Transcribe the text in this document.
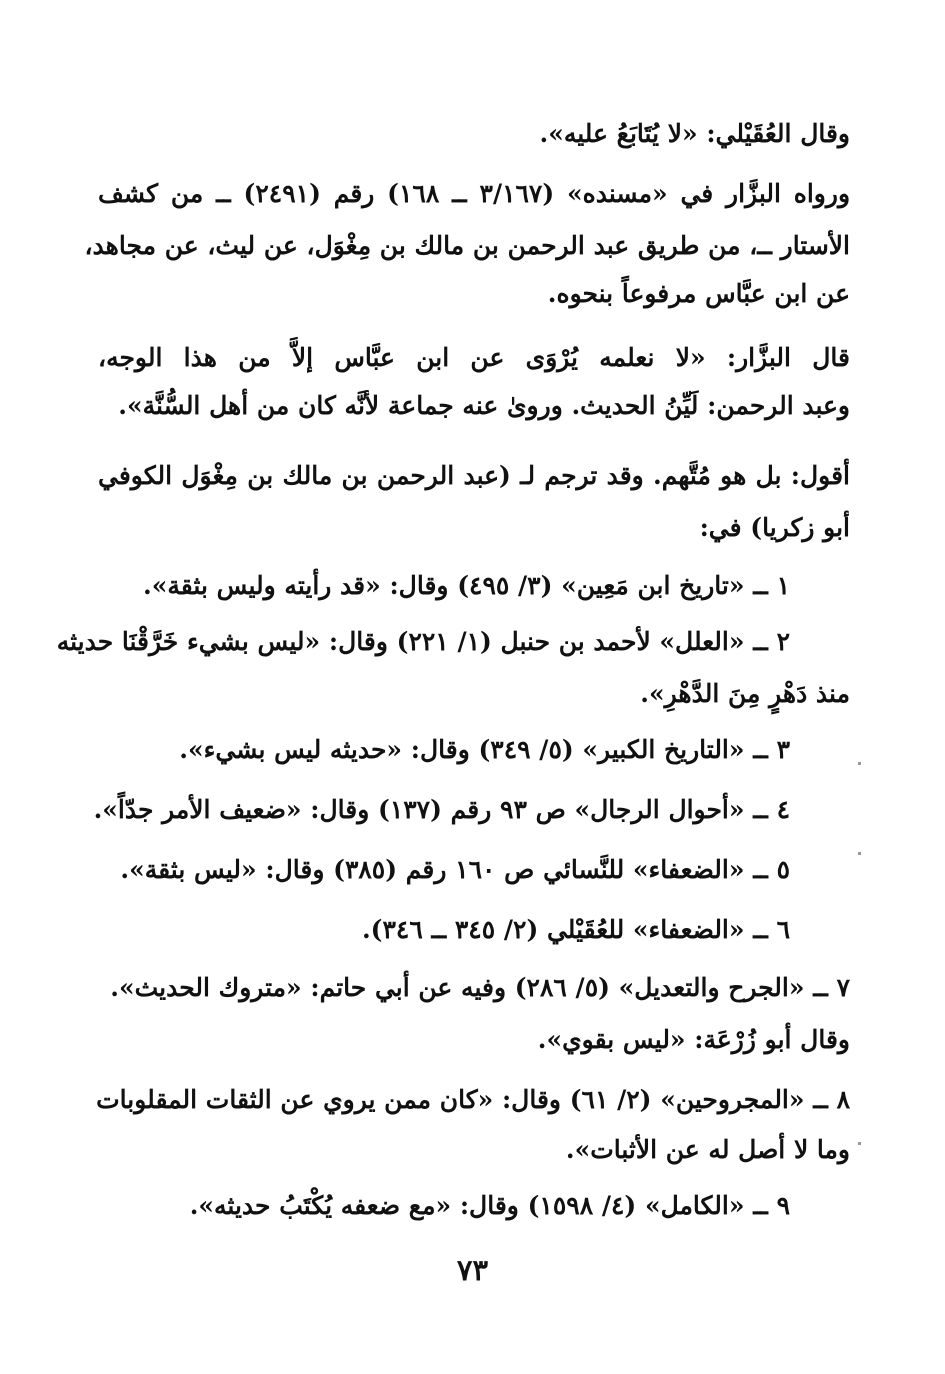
وقال العُقَيْلي: «لا يُتَابَعُ عليه».
ورواه البزَّار في «مسنده» (٣/١٦٧ ــ ١٦٨) رقم (٢٤٩١) ــ من كشف
الأستار ــ، من طريق عبد الرحمن بن مالك بن مِغْوَل، عن ليث، عن مجاهد،
عن ابن عبَّاس مرفوعاً بنحوه.
قال البزَّار: «لا نعلمه يُرْوَى عن ابن عبَّاس إلاَّ من هذا الوجه،
وعبد الرحمن: لَيِّنُ الحديث. وروىٰ عنه جماعة لأنَّه كان من أهل السُّنَّة».
أقول: بل هو مُتَّهم. وقد ترجم لـ (عبد الرحمن بن مالك بن مِغْوَل الكوفي
أبو زكريا) في:
١ ــ «تاريخ ابن مَعِين» (٣/ ٤٩٥) وقال: «قد رأيته وليس بثقة».
٢ ــ «العلل» لأحمد بن حنبل (١/ ٢٢١) وقال: «ليس بشيء خَرَّقْنَا حديثه
منذ دَهْرٍ مِنَ الدَّهْرِ».
٣ ــ «التاريخ الكبير» (٥/ ٣٤٩) وقال: «حديثه ليس بشيء».
٤ ــ «أحوال الرجال» ص ٩٣ رقم (١٣٧) وقال: «ضعيف الأمر جدّاً».
٥ ــ «الضعفاء» للنَّسائي ص ١٦٠ رقم (٣٨٥) وقال: «ليس بثقة».
٦ ــ «الضعفاء» للعُقَيْلي (٢/ ٣٤٥ ــ ٣٤٦).
٧ ــ «الجرح والتعديل» (٥/ ٢٨٦) وفيه عن أبي حاتم: «متروك الحديث».
وقال أبو زُرْعَة: «ليس بقوي».
٨ ــ «المجروحين» (٢/ ٦١) وقال: «كان ممن يروي عن الثقات المقلوبات
وما لا أصل له عن الأثبات».
٩ ــ «الكامل» (٤/ ١٥٩٨) وقال: «مع ضعفه يُكْتَبُ حديثه».
٧٣
